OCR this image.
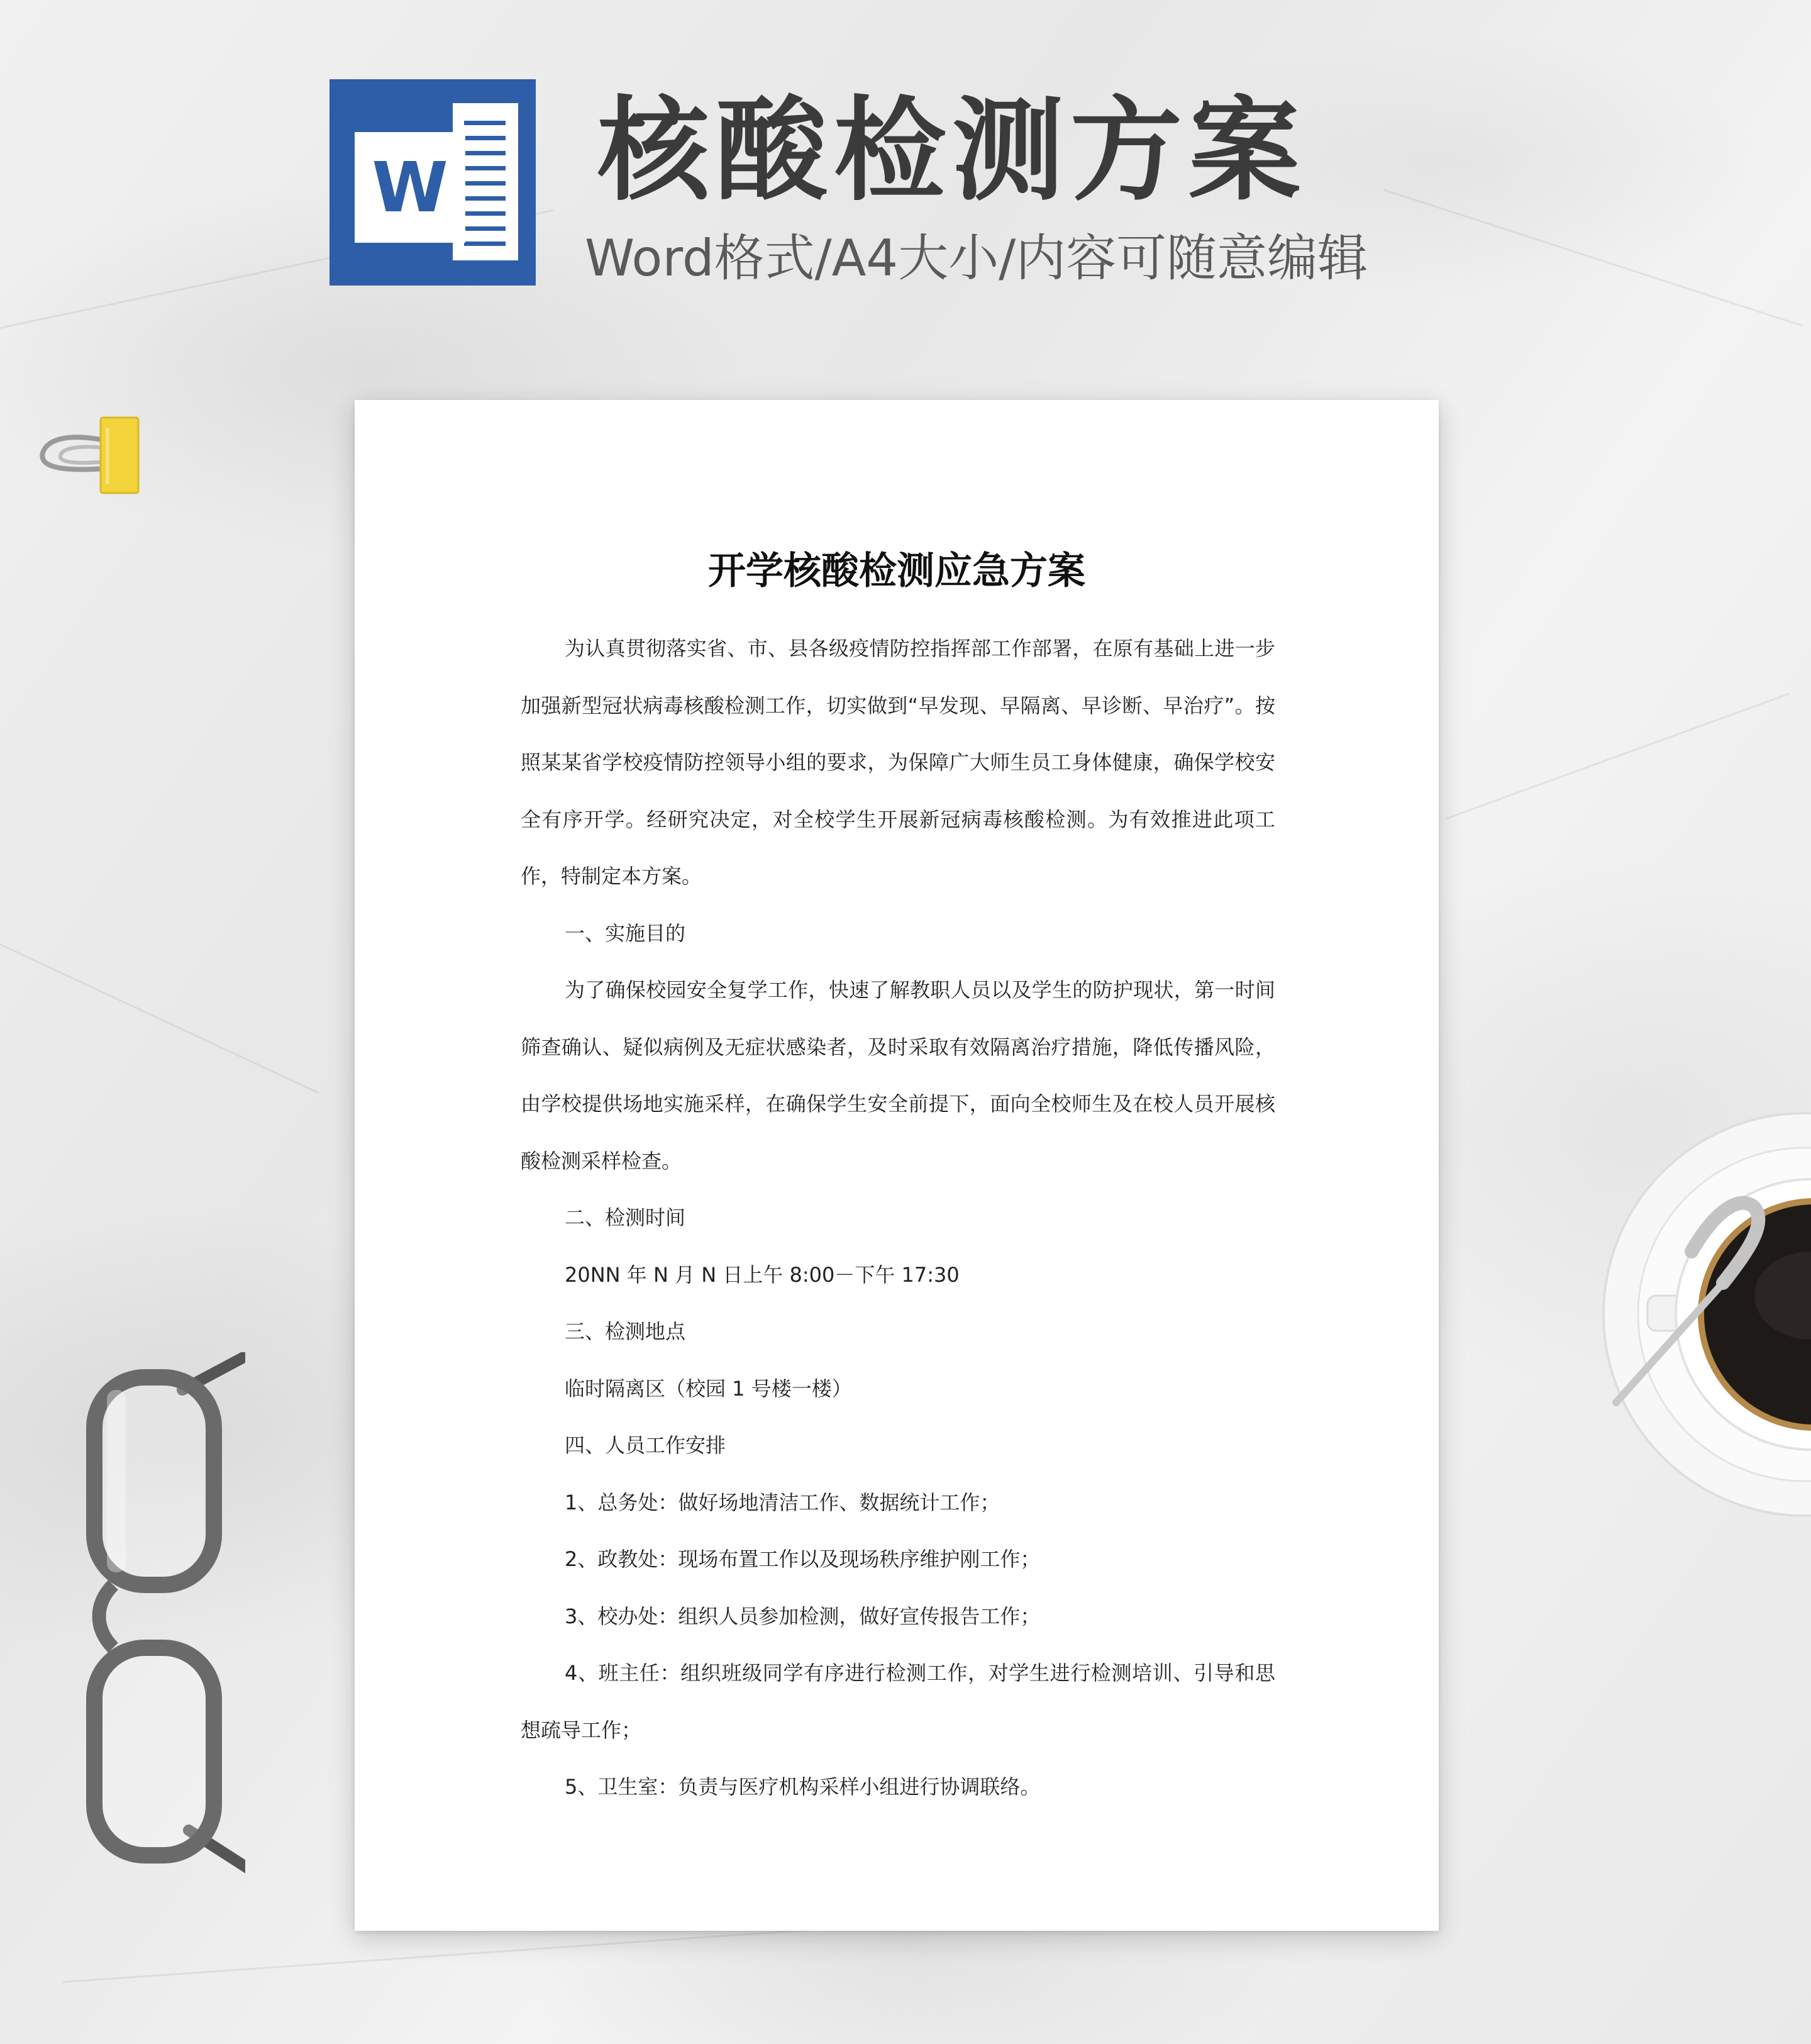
W 核酸检测方案
Word格式/A4大小/内容可随意编辑
开学核酸检测应急方案

为认真贯彻落实省、市、县各级疫情防控指挥部工作部署，在原有基础上进一步加强新型冠状病毒核酸检测工作，切实做到“早发现、早隔离、早诊断、早治疗”。按照某某省学校疫情防控领导小组的要求，为保障广大师生员工身体健康，确保学校安全有序开学。经研究决定，对全校学生开展新冠病毒核酸检测。为有效推进此项工作，特制定本方案。

一、实施目的

为了确保校园安全复学工作，快速了解教职人员以及学生的防护现状，第一时间筛查确认、疑似病例及无症状感染者，及时采取有效隔离治疗措施，降低传播风险，由学校提供场地实施采样，在确保学生安全前提下，面向全校师生及在校人员开展核酸检测采样检查。

二、检测时间

20NN 年 N 月 N 日上午 8:00－下午 17:30

三、检测地点

临时隔离区（校园 1 号楼一楼）

四、人员工作安排

1、总务处：做好场地清洁工作、数据统计工作；

2、政教处：现场布置工作以及现场秩序维护刚工作；

3、校办处：组织人员参加检测，做好宣传报告工作；

4、班主任：组织班级同学有序进行检测工作，对学生进行检测培训、引导和思想疏导工作；

5、卫生室：负责与医疗机构采样小组进行协调联络。
